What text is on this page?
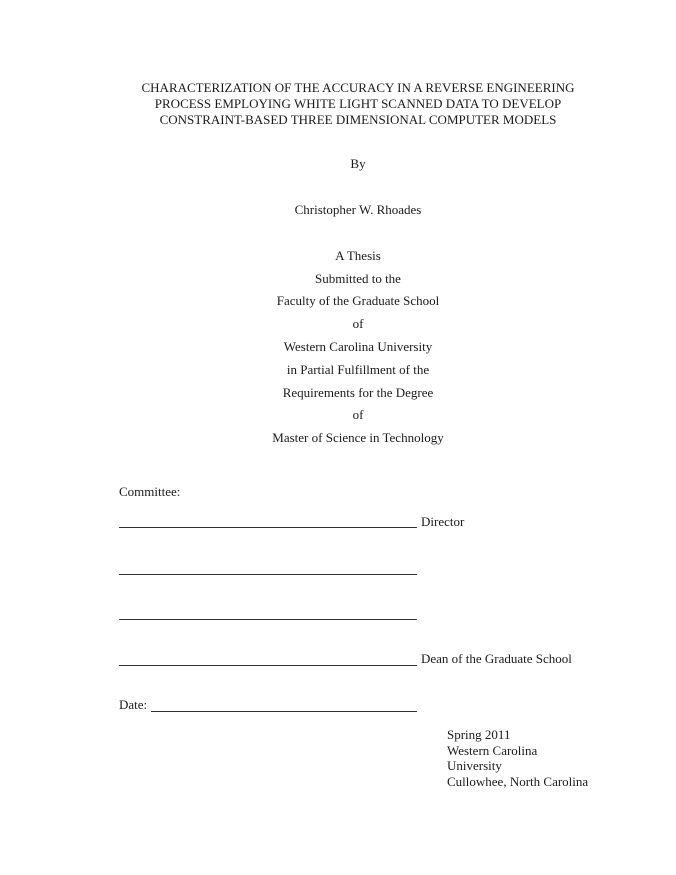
CHARACTERIZATION OF THE ACCURACY IN A REVERSE ENGINEERING
PROCESS EMPLOYING WHITE LIGHT SCANNED DATA TO DEVELOP
CONSTRAINT-BASED THREE DIMENSIONAL COMPUTER MODELS
By
Christopher W. Rhoades
A Thesis
Submitted to the
Faculty of the Graduate School
of
Western Carolina University
in Partial Fulfillment of the
Requirements for the Degree
of
Master of Science in Technology
Committee:
Director
Dean of the Graduate School
Date:
Spring 2011
Western Carolina
University
Cullowhee, North Carolina
